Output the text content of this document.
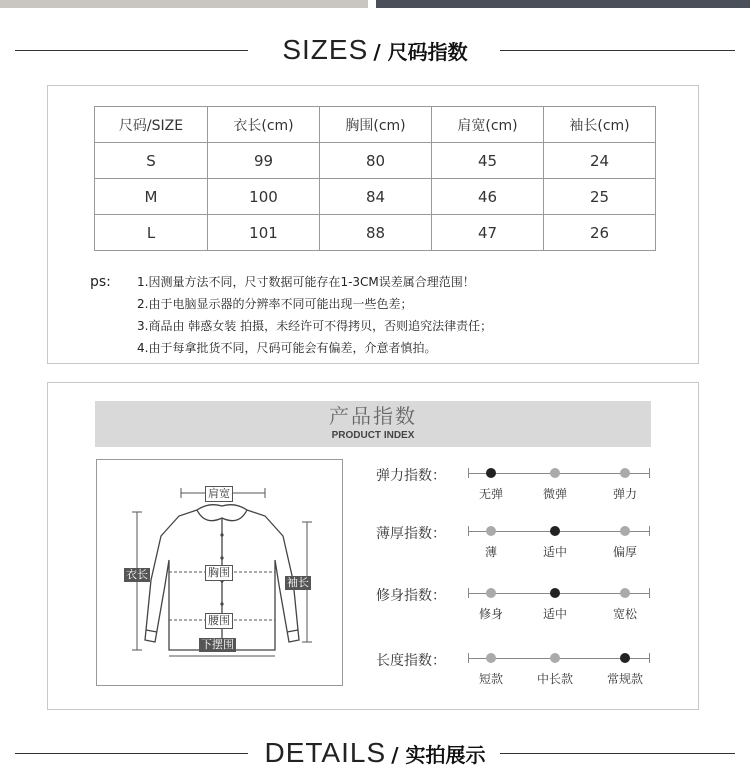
SIZES / 尺码指数
尺码/SIZE	衣长(cm)	胸围(cm)	肩宽(cm)	袖长(cm)
S	99	80	45	24
M	100	84	46	25
L	101	88	47	26
ps: 1.因测量方法不同，尺寸数据可能存在1-3CM误差属合理范围！
2.由于电脑显示器的分辨率不同可能出现一些色差；
3.商品由 韩惑女装 拍摄，未经许可不得拷贝，否则追究法律责任；
4.由于每拿批货不同，尺码可能会有偏差，介意者慎拍。
产品指数
PRODUCT INDEX
肩宽
衣长	胸围
袖长
腰围
下摆围
弹力指数：
无弹	微弹	弹力
薄厚指数：
薄	适中	偏厚
修身指数：
修身	适中	宽松
长度指数：
短款	中长款	常规款
DETAILS / 实拍展示
